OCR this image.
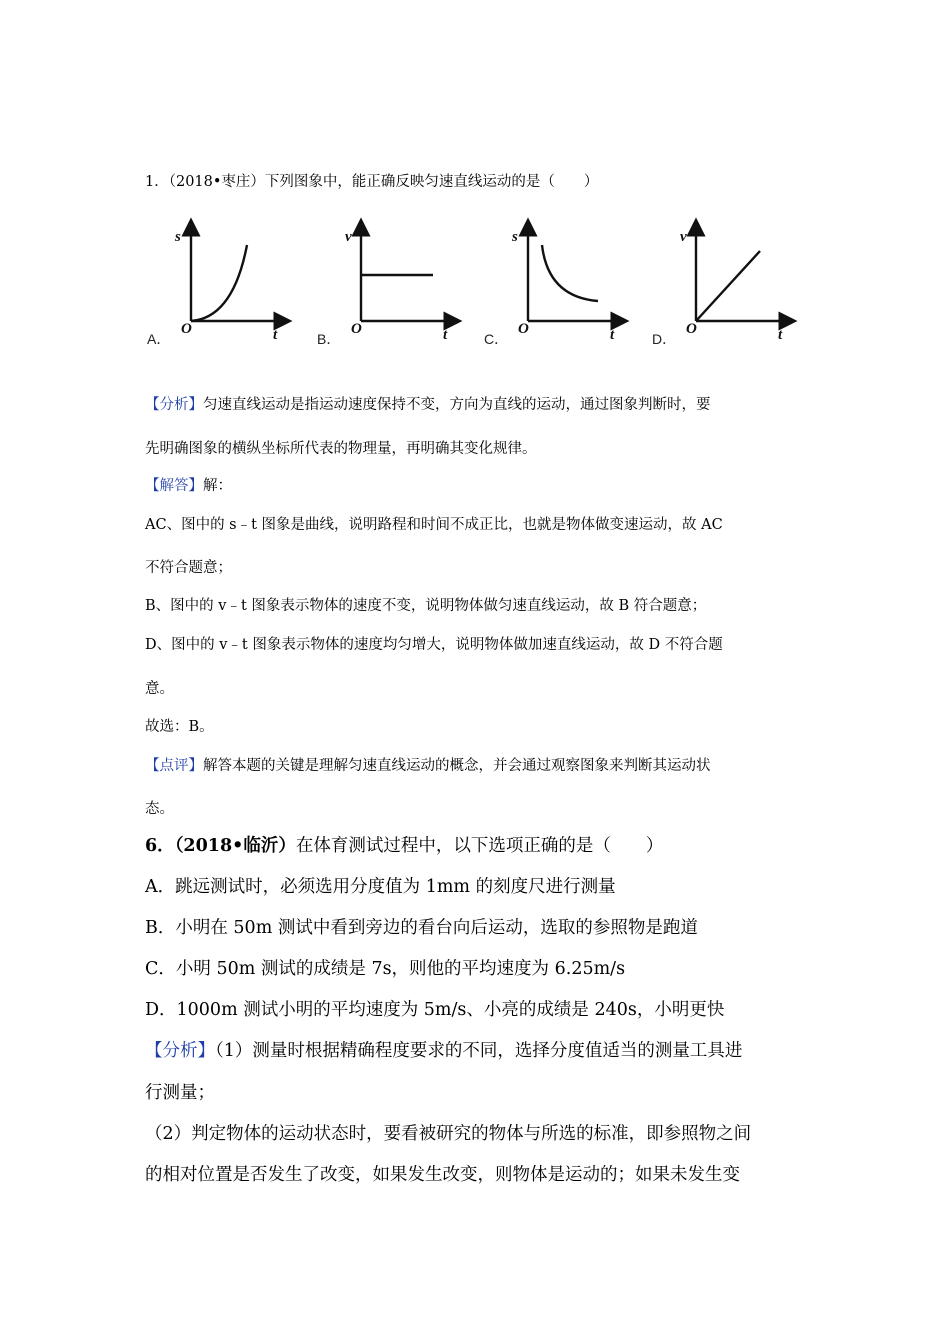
1．（2018•枣庄）下列图象中，能正确反映匀速直线运动的是（　　）
s
O	t
A．
v
O	t
B．
s
O	t
C．
v
O	t
D．
【分析】匀速直线运动是指运动速度保持不变，方向为直线的运动，通过图象判断时，要
先明确图象的横纵坐标所代表的物理量，再明确其变化规律。
【解答】解：
AC、图中的 s﹣t 图象是曲线，说明路程和时间不成正比，也就是物体做变速运动，故 AC
不符合题意；
B、图中的 v﹣t 图象表示物体的速度不变，说明物体做匀速直线运动，故 B 符合题意；
D、图中的 v﹣t 图象表示物体的速度均匀增大，说明物体做加速直线运动，故 D 不符合题
意。
故选：B。
【点评】解答本题的关键是理解匀速直线运动的概念，并会通过观察图象来判断其运动状
态。
6．（2018•临沂）在体育测试过程中，以下选项正确的是（　　）
A．跳远测试时，必须选用分度值为 1mm 的刻度尺进行测量
B．小明在 50m 测试中看到旁边的看台向后运动，选取的参照物是跑道
C．小明 50m 测试的成绩是 7s，则他的平均速度为 6.25m/s
D．1000m 测试小明的平均速度为 5m/s、小亮的成绩是 240s，小明更快
【分析】（1）测量时根据精确程度要求的不同，选择分度值适当的测量工具进
行测量；
（2）判定物体的运动状态时，要看被研究的物体与所选的标准，即参照物之间
的相对位置是否发生了改变，如果发生改变，则物体是运动的；如果未发生变
